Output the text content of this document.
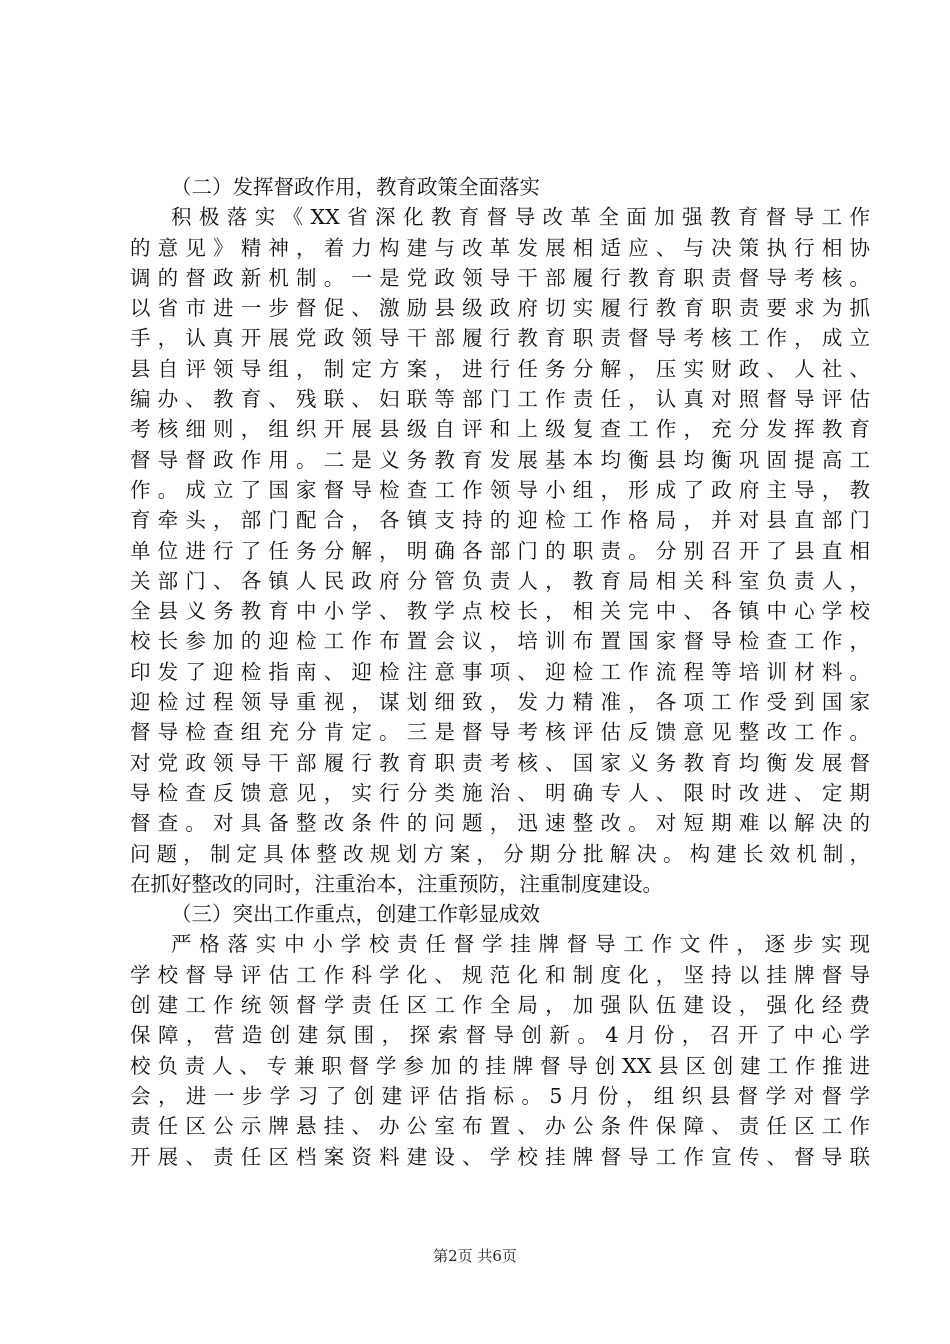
（二）发挥督政作用，教育政策全面落实
积极落实《XX省深化教育督导改革全面加强教育督导工作
的意见》精神，着力构建与改革发展相适应、与决策执行相协
调的督政新机制。一是党政领导干部履行教育职责督导考核。
以省市进一步督促、激励县级政府切实履行教育职责要求为抓
手，认真开展党政领导干部履行教育职责督导考核工作，成立
县自评领导组，制定方案，进行任务分解，压实财政、人社、
编办、教育、残联、妇联等部门工作责任，认真对照督导评估
考核细则，组织开展县级自评和上级复查工作，充分发挥教育
督导督政作用。二是义务教育发展基本均衡县均衡巩固提高工
作。成立了国家督导检查工作领导小组，形成了政府主导，教
育牵头，部门配合，各镇支持的迎检工作格局，并对县直部门
单位进行了任务分解，明确各部门的职责。分别召开了县直相
关部门、各镇人民政府分管负责人，教育局相关科室负责人，
全县义务教育中小学、教学点校长，相关完中、各镇中心学校
校长参加的迎检工作布置会议，培训布置国家督导检查工作，
印发了迎检指南、迎检注意事项、迎检工作流程等培训材料。
迎检过程领导重视，谋划细致，发力精准，各项工作受到国家
督导检查组充分肯定。三是督导考核评估反馈意见整改工作。
对党政领导干部履行教育职责考核、国家义务教育均衡发展督
导检查反馈意见，实行分类施治、明确专人、限时改进、定期
督查。对具备整改条件的问题，迅速整改。对短期难以解决的
问题，制定具体整改规划方案，分期分批解决。构建长效机制，
在抓好整改的同时，注重治本，注重预防，注重制度建设。
（三）突出工作重点，创建工作彰显成效
严格落实中小学校责任督学挂牌督导工作文件，逐步实现
学校督导评估工作科学化、规范化和制度化，坚持以挂牌督导
创建工作统领督学责任区工作全局，加强队伍建设，强化经费
保障，营造创建氛围，探索督导创新。4月份，召开了中心学
校负责人、专兼职督学参加的挂牌督导创XX县区创建工作推进
会，进一步学习了创建评估指标。5月份，组织县督学对督学
责任区公示牌悬挂、办公室布置、办公条件保障、责任区工作
开展、责任区档案资料建设、学校挂牌督导工作宣传、督导联
第2页 共6页
